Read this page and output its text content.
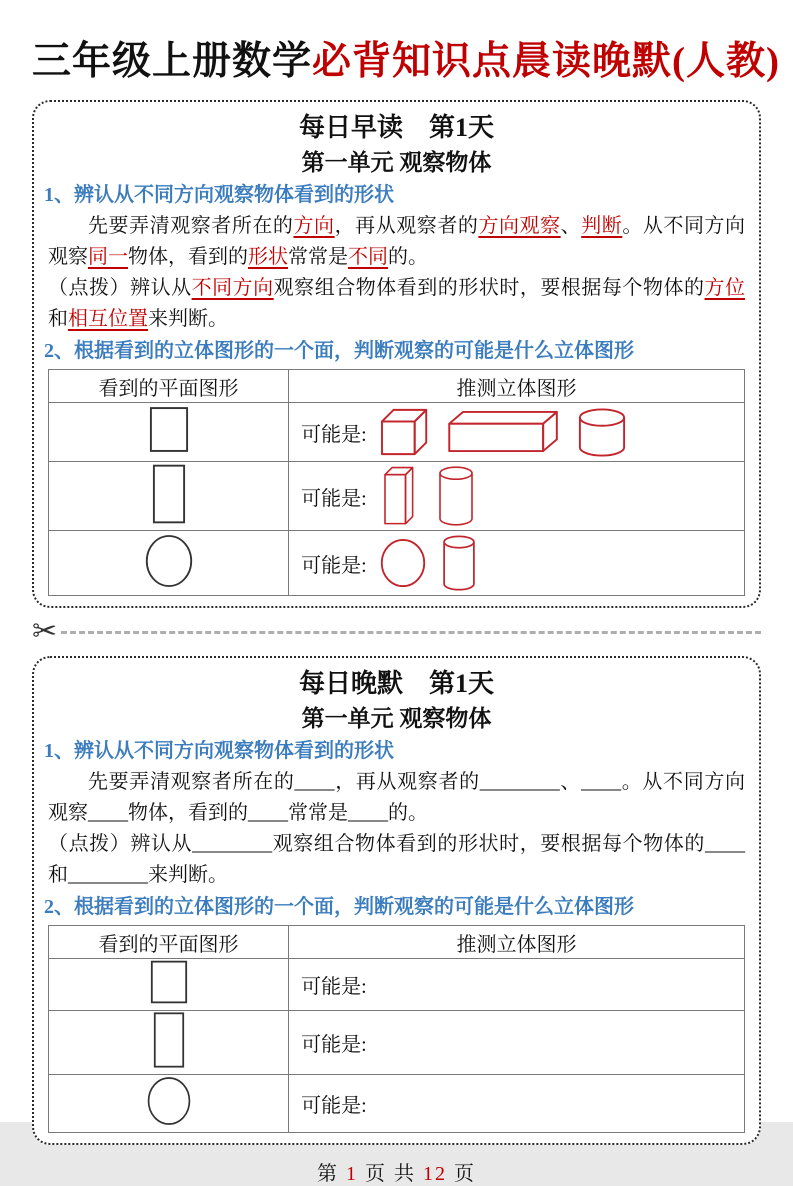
三年级上册数学必背知识点晨读晚默(人教)
每日早读　第1天
第一单元 观察物体
1、辨认从不同方向观察物体看到的形状

先要弄清观察者所在的方向，再从观察者的方向观察、判断。从不同方向观察同一物体，看到的形状常常是不同的。

（点拨）辨认从不同方向观察组合物体看到的形状时，要根据每个物体的方位和相互位置来判断。

2、根据看到的立体图形的一个面，判断观察的可能是什么立体图形
看到的平面图形	推测立体图形

可能是:

可能是:

可能是:
✂
每日晚默　第1天
第一单元 观察物体
1、辨认从不同方向观察物体看到的形状

先要弄清观察者所在的____，再从观察者的________、____。从不同方向观察____物体，看到的____常常是____的。

（点拨）辨认从________观察组合物体看到的形状时，要根据每个物体的____和________来判断。

2、根据看到的立体图形的一个面，判断观察的可能是什么立体图形
看到的平面图形	推测立体图形

可能是:

可能是:

可能是:
第 1 页 共 12 页
